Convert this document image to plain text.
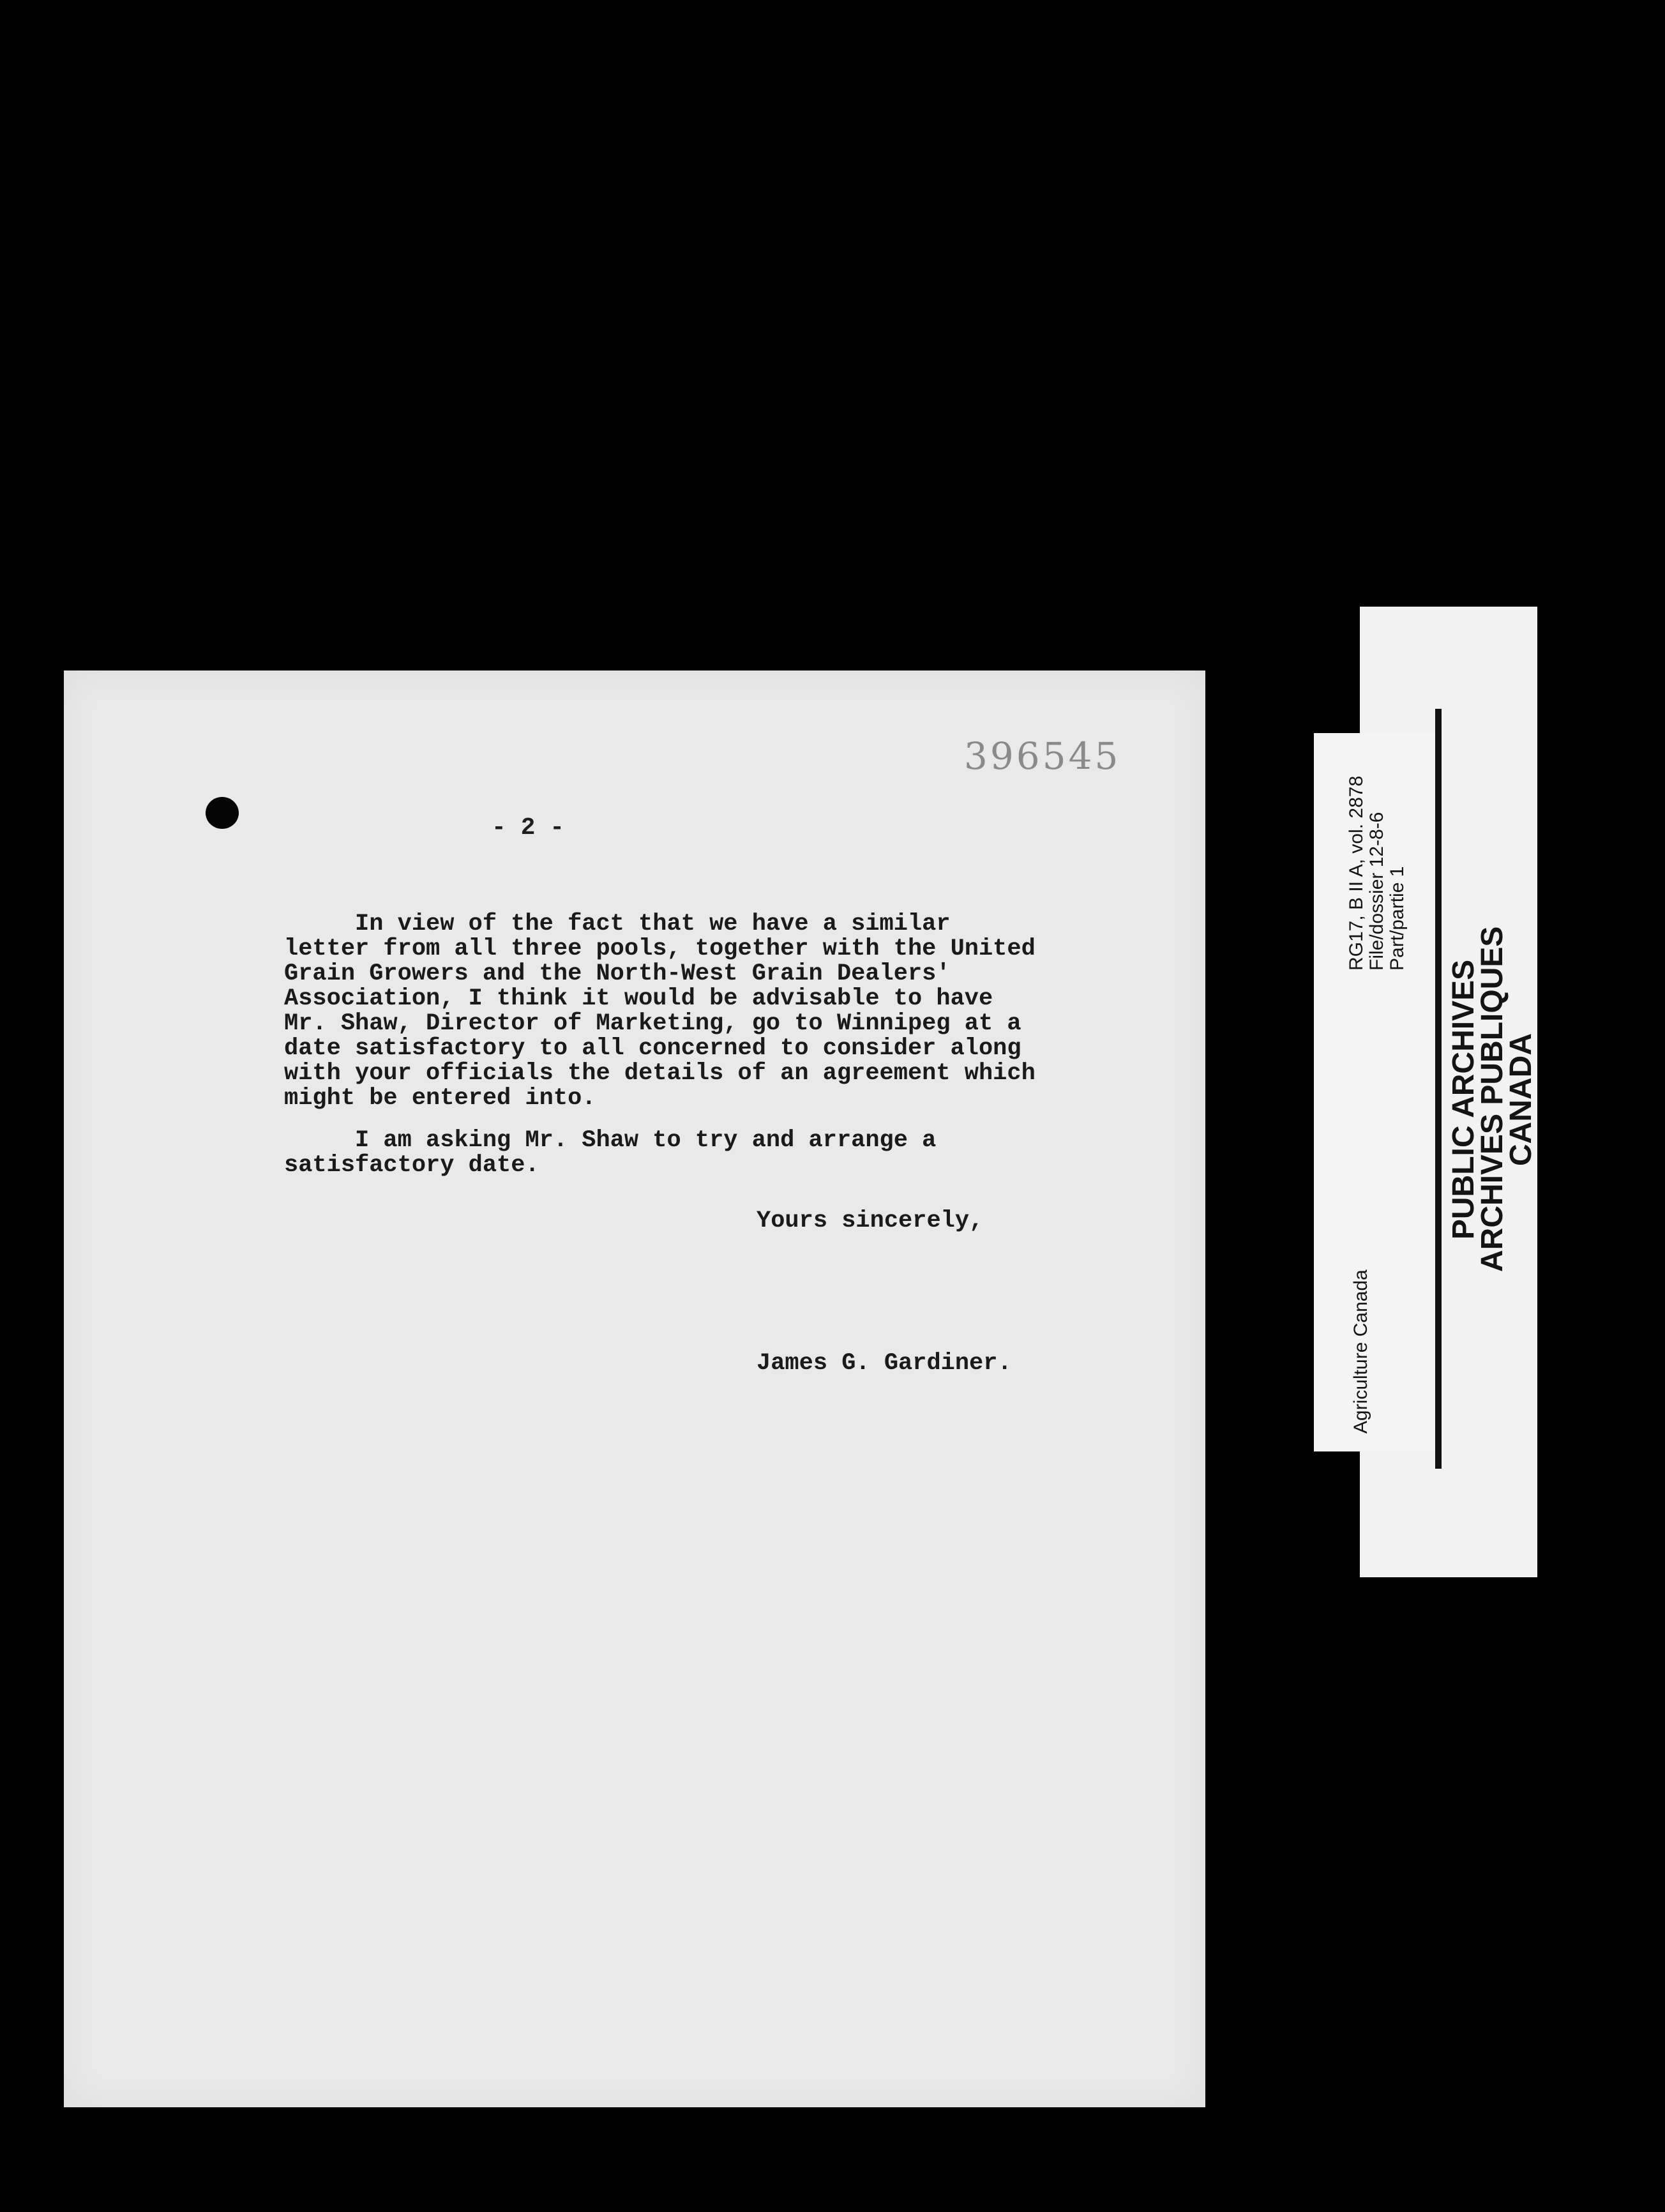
396545
- 2 -
In view of the fact that we have a similar
letter from all three pools, together with the United
Grain Growers and the North-West Grain Dealers'
Association, I think it would be advisable to have
Mr. Shaw, Director of Marketing, go to Winnipeg at a
date satisfactory to all concerned to consider along
with your officials the details of an agreement which
might be entered into.
I am asking Mr. Shaw to try and arrange a
satisfactory date.
Yours sincerely,
James G. Gardiner.
RG17, B II A, vol. 2878 File/dossier 12-8-6 Part/partie 1
Agriculture Canada
PUBLIC ARCHIVES
ARCHIVES PUBLIQUES
CANADA
